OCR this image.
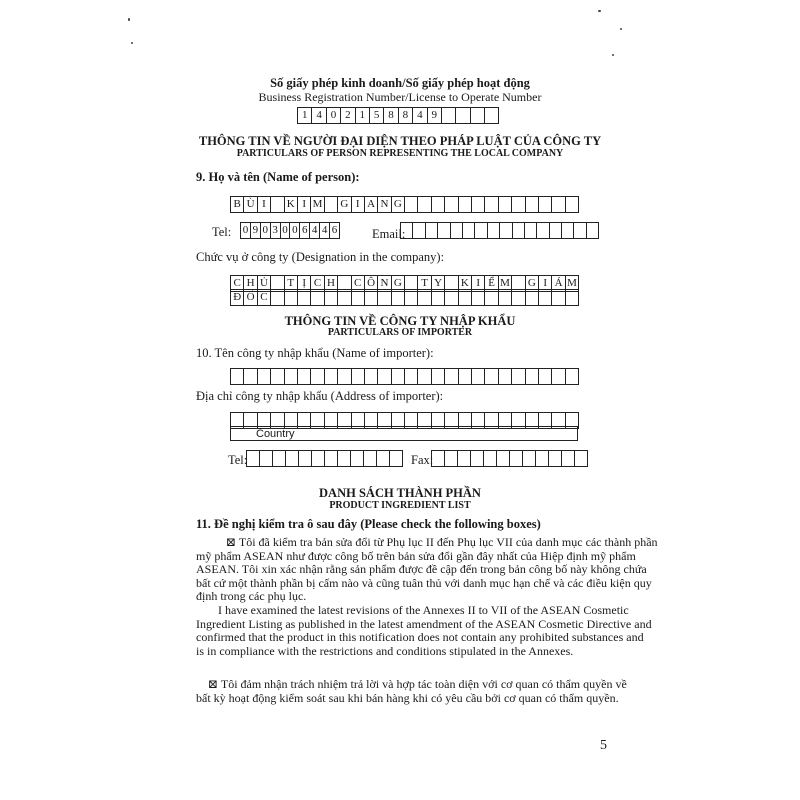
Số giấy phép kinh doanh/Số giấy phép hoạt động
Business Registration Number/License to Operate Number
1 4 0 2 1 5 8 8 4 9
THÔNG TIN VỀ NGƯỜI ĐẠI DIỆN THEO PHÁP LUẬT CỦA CÔNG TY
PARTICULARS OF PERSON REPRESENTING THE LOCAL COMPANY
9. Họ và tên (Name of person):
B Ù I	K I M G I A N G
Tel: 0 9 0 3 0 0 6 4 4 6	Email:
Chức vụ ở công ty (Designation in the company):
C H Ủ	T Ị C H	C Ô N G	T Y K I Ể M G I Á M
Đ Ố C
THÔNG TIN VỀ CÔNG TY NHẬP KHẨU
PARTICULARS OF IMPORTER
10. Tên công ty nhập khẩu (Name of importer):
Địa chỉ công ty nhập khẩu (Address of importer):
Country
Tel:	Fax:
DANH SÁCH THÀNH PHẦN
PRODUCT INGREDIENT LIST
11. Đề nghị kiểm tra ô sau đây (Please check the following boxes)
⊠ Tôi đã kiểm tra bản sửa đổi từ Phụ lục II đến Phụ lục VII của danh mục các thành phần
mỹ phẩm ASEAN như được công bố trên bản sửa đổi gần đây nhất của Hiệp định mỹ phẩm
ASEAN. Tôi xin xác nhận rằng sản phẩm được đề cập đến trong bản công bố này không chứa
bất cứ một thành phần bị cấm nào và cũng tuân thủ với danh mục hạn chế và các điều kiện quy
định trong các phụ lục.
I have examined the latest revisions of the Annexes II to VII of the ASEAN Cosmetic
Ingredient Listing as published in the latest amendment of the ASEAN Cosmetic Directive and
confirmed that the product in this notification does not contain any prohibited substances and
is in compliance with the restrictions and conditions stipulated in the Annexes.
⊠ Tôi đảm nhận trách nhiệm trả lời và hợp tác toàn diện với cơ quan có thẩm quyền về
bất kỳ hoạt động kiểm soát sau khi bán hàng khi có yêu cầu bởi cơ quan có thẩm quyền.
5
